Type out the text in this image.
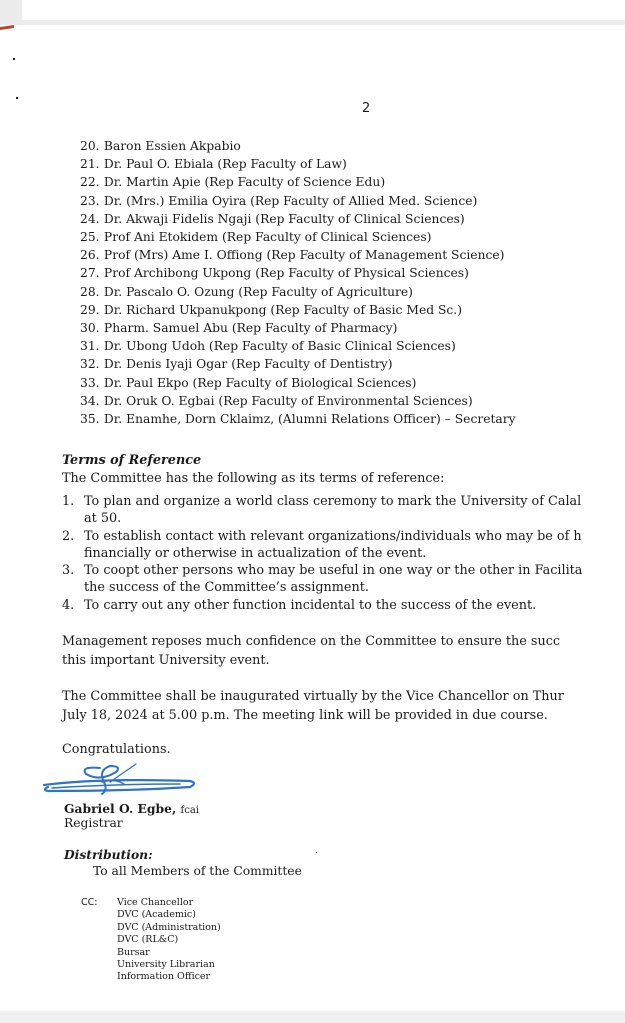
2
20. Baron Essien Akpabio
21. Dr. Paul O. Ebiala (Rep Faculty of Law)
22. Dr. Martin Apie (Rep Faculty of Science Edu)
23. Dr. (Mrs.) Emilia Oyira (Rep Faculty of Allied Med. Science)
24. Dr. Akwaji Fidelis Ngaji (Rep Faculty of Clinical Sciences)
25. Prof Ani Etokidem (Rep Faculty of Clinical Sciences)
26. Prof (Mrs) Ame I. Offiong (Rep Faculty of Management Science)
27. Prof Archibong Ukpong (Rep Faculty of Physical Sciences)
28. Dr. Pascalo O. Ozung (Rep Faculty of Agriculture)
29. Dr. Richard Ukpanukpong (Rep Faculty of Basic Med Sc.)
30. Pharm. Samuel Abu (Rep Faculty of Pharmacy)
31. Dr. Ubong Udoh (Rep Faculty of Basic Clinical Sciences)
32. Dr. Denis Iyaji Ogar (Rep Faculty of Dentistry)
33. Dr. Paul Ekpo (Rep Faculty of Biological Sciences)
34. Dr. Oruk O. Egbai (Rep Faculty of Environmental Sciences)
35. Dr. Enamhe, Dorn Cklaimz, (Alumni Relations Officer) – Secretary
Terms of Reference
The Committee has the following as its terms of reference:
1. To plan and organize a world class ceremony to mark the University of Calal
at 50.
2. To establish contact with relevant organizations/individuals who may be of h
financially or otherwise in actualization of the event.
3. To coopt other persons who may be useful in one way or the other in Facilita
the success of the Committee’s assignment.
4. To carry out any other function incidental to the success of the event.
Management reposes much confidence on the Committee to ensure the succ
this important University event.
The Committee shall be inaugurated virtually by the Vice Chancellor on Thur
July 18, 2024 at 5.00 p.m. The meeting link will be provided in due course.
Congratulations.
Gabriel O. Egbe, fcai
Registrar
Distribution:
To all Members of the Committee
CC: Vice Chancellor
DVC (Academic)
DVC (Administration)
DVC (RL&C)
Bursar
University Librarian
Information Officer
